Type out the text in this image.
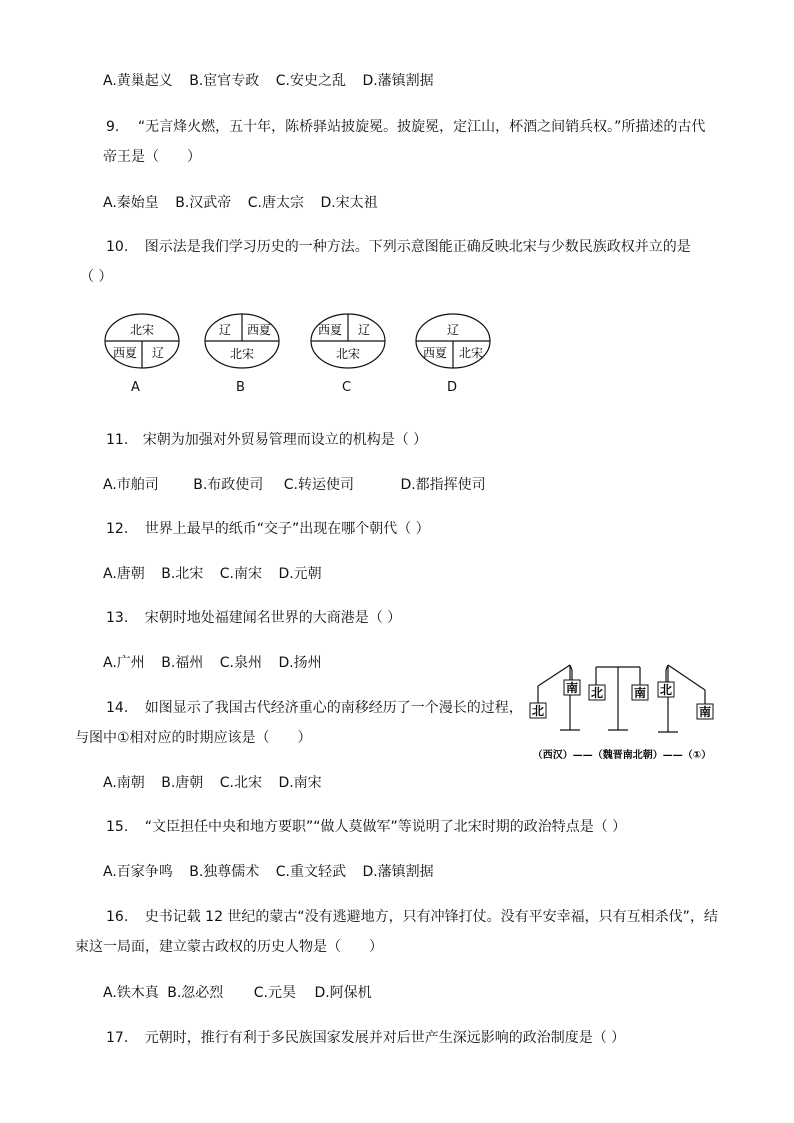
A.黄巢起义 B.宦官专政 C.安史之乱 D.藩镇割据
9. “无言烽火燃，五十年，陈桥驿站披旋冕。披旋冕，定江山，杯酒之间销兵权。”所描述的古代
帝王是（　　）
A.秦始皇 B.汉武帝 C.唐太宗 D.宋太祖
10. 图示法是我们学习历史的一种方法。下列示意图能正确反映北宋与少数民族政权并立的是
（ ）
北宋
西夏 辽
A
辽 西夏
北宋
B
西夏 辽
北宋
C
辽
西夏 北宋
D
11. 宋朝为加强对外贸易管理而设立的机构是（ ）
A.市舶司 B.布政使司 C.转运使司	D.都指挥使司
12. 世界上最早的纸币“交子”出现在哪个朝代（ ）
A.唐朝 B.北宋 C.南宋 D.元朝
13. 宋朝时地处福建闻名世界的大商港是（ ）
A.广州 B.福州 C.泉州 D.扬州
14. 如图显示了我国古代经济重心的南移经历了一个漫长的过程，
与图中①相对应的时期应该是（　　）
北
南 北	南 北
南
（西汉）——（魏晋南北朝）——（①）
A.南朝 B.唐朝 C.北宋 D.南宋
15. “文臣担任中央和地方要职”“做人莫做军”等说明了北宋时期的政治特点是（ ）
A.百家争鸣 B.独尊儒术 C.重文轻武 D.藩镇割据
16. 史书记载 12 世纪的蒙古“没有逃避地方，只有冲锋打仗。没有平安幸福，只有互相杀伐”，结
束这一局面，建立蒙古政权的历史人物是（　　）
A.铁木真 B.忽必烈 C.元昊 D.阿保机
17. 元朝时，推行有利于多民族国家发展并对后世产生深远影响的政治制度是（ ）
